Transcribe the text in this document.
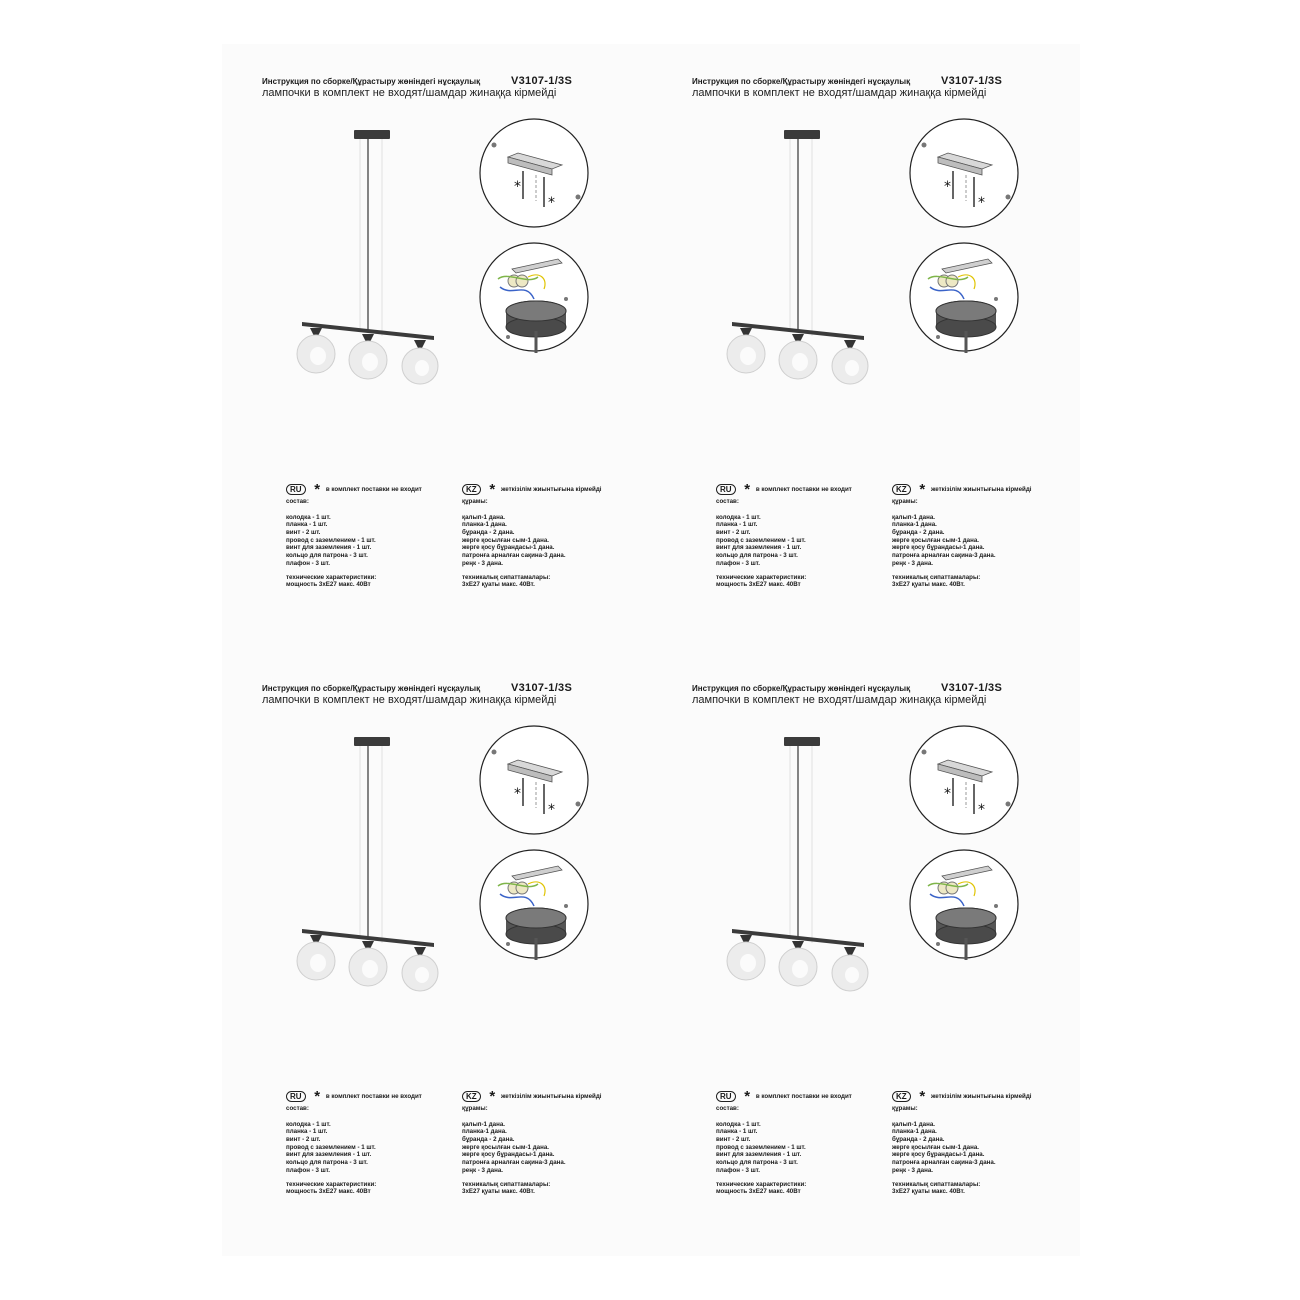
Инструкция по сборке/Құрастыру жөніндегі нұсқаулық	V3107-1/3S
лампочки в комплект не входят/шамдар жинаққа кірмейді
*
*
RU * в комплект поставки не входит
состав:
колодка - 1 шт.
планка - 1 шт.
винт - 2 шт.
провод с заземлением - 1 шт.
винт для заземления - 1 шт.
кольцо для патрона - 3 шт.
плафон - 3 шт.
технические характеристики:
мощность 3хЕ27 макс. 40Вт
KZ * жеткізілім жиынтығына кірмейді
құрамы:
қалып-1 дана.
планка-1 дана.
бұранда - 2 дана.
жерге қосылған сым-1 дана.
жерге қосу бұрандасы-1 дана.
патронға арналған сақина-3 дана.
реңк - 3 дана.
техникалық сипаттамалары:
3хЕ27 қуаты макс. 40Вт.
Инструкция по сборке/Құрастыру жөніндегі нұсқаулық	V3107-1/3S
лампочки в комплект не входят/шамдар жинаққа кірмейді
*
*
RU * в комплект поставки не входит
состав:
колодка - 1 шт.
планка - 1 шт.
винт - 2 шт.
провод с заземлением - 1 шт.
винт для заземления - 1 шт.
кольцо для патрона - 3 шт.
плафон - 3 шт.
технические характеристики:
мощность 3хЕ27 макс. 40Вт
KZ * жеткізілім жиынтығына кірмейді
құрамы:
қалып-1 дана.
планка-1 дана.
бұранда - 2 дана.
жерге қосылған сым-1 дана.
жерге қосу бұрандасы-1 дана.
патронға арналған сақина-3 дана.
реңк - 3 дана.
техникалық сипаттамалары:
3хЕ27 қуаты макс. 40Вт.
Инструкция по сборке/Құрастыру жөніндегі нұсқаулық	V3107-1/3S
лампочки в комплект не входят/шамдар жинаққа кірмейді
*
*
RU * в комплект поставки не входит
состав:
колодка - 1 шт.
планка - 1 шт.
винт - 2 шт.
провод с заземлением - 1 шт.
винт для заземления - 1 шт.
кольцо для патрона - 3 шт.
плафон - 3 шт.
технические характеристики:
мощность 3хЕ27 макс. 40Вт
KZ * жеткізілім жиынтығына кірмейді
құрамы:
қалып-1 дана.
планка-1 дана.
бұранда - 2 дана.
жерге қосылған сым-1 дана.
жерге қосу бұрандасы-1 дана.
патронға арналған сақина-3 дана.
реңк - 3 дана.
техникалық сипаттамалары:
3хЕ27 қуаты макс. 40Вт.
Инструкция по сборке/Құрастыру жөніндегі нұсқаулық	V3107-1/3S
лампочки в комплект не входят/шамдар жинаққа кірмейді
*
*
RU * в комплект поставки не входит
состав:
колодка - 1 шт.
планка - 1 шт.
винт - 2 шт.
провод с заземлением - 1 шт.
винт для заземления - 1 шт.
кольцо для патрона - 3 шт.
плафон - 3 шт.
технические характеристики:
мощность 3хЕ27 макс. 40Вт
KZ * жеткізілім жиынтығына кірмейді
құрамы:
қалып-1 дана.
планка-1 дана.
бұранда - 2 дана.
жерге қосылған сым-1 дана.
жерге қосу бұрандасы-1 дана.
патронға арналған сақина-3 дана.
реңк - 3 дана.
техникалық сипаттамалары:
3хЕ27 қуаты макс. 40Вт.
